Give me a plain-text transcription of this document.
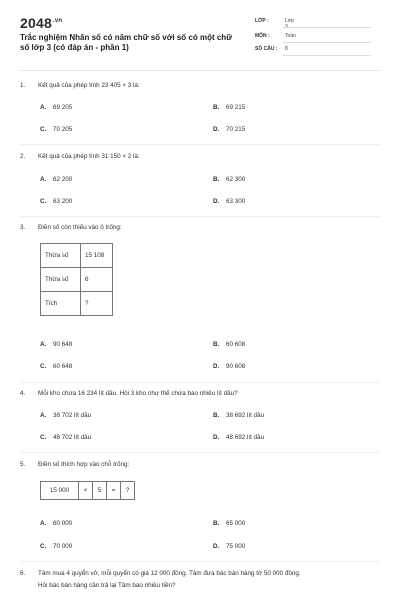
$2048^{.vn}$
Trắc nghiệm Nhân số có năm chữ số với số có một chữ số lớp 3 (có đáp án - phần 1)
LỚP :	Lớp
MÔN :	Toán
SỐ CÂU :	8
1. Kết quả của phép tính 23 405 × 3 là:
A. 69 205	B. 69 215
C. 70 205	D. 70 215
2. Kết quả của phép tính 31 150 × 2 là:
A. 62 200	B. 62 300
C. 63 200	D. 63 300
3. Điền số còn thiếu vào ô trống:
Thừa số	15 108
Thừa số	6
Tích	?
A. 90 648	B. 60 608
C. 60 648	D. 90 608
4. Mỗi kho chứa 16 234 lít dầu. Hỏi 3 kho như thế chứa bao nhiêu lít dầu?
A. 38 702 lít dầu	B. 38 692 lít dầu
C. 48 702 lít dầu	D. 48 692 lít dầu
5. Điền số thích hợp vào chỗ trống:
15 000	×	5	=	?
A. 60 000	B. 65 000
C. 70 000	D. 75 000
6. Tâm mua 4 quyển vở, mỗi quyển có giá 12 000 đồng. Tâm đưa bác bán hàng tờ 50 000 đồng.
Hỏi bác bán hàng cần trả lại Tâm bao nhiêu tiền?
